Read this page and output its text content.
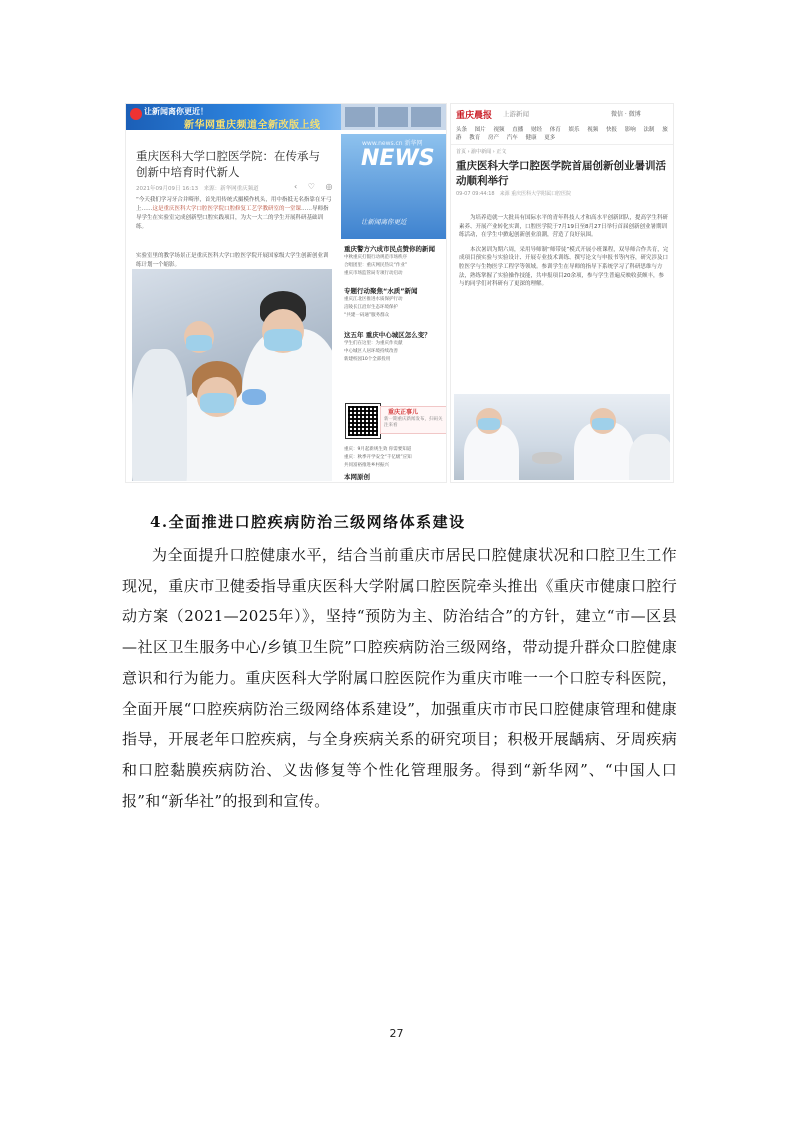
让新闻离你更近！
新华网重庆频道全新改版上线
重庆医科大学口腔医学院：在传承与创新中培育时代新人
2021年09月09日 16:13　来源：新华网重庆频道	‹ ♡ ◎
“今天我们学习牙合并畸形，首先用传统式摄模作机头，用中指抵无名指靠在牙弓上……这是重庆医科大学口腔医学院口腔修复工艺学教研室的一堂课……导师指导学生在实验室完成创新型口腔实践项目，为大一大二的学生开展科研基础训练。
实验室里的教学场景正是重庆医科大学口腔医学院开展国家级大学生创新创业训练计划一个缩影。
www.news.cn 新华网
NEWS
让新闻离你更近
重庆警方六成市民点赞你的新闻
中秋重庆打假行动规范市场秩序
合唱团里：重庆网民热议“作业”
重庆市场监管局专项行动启动
专题行动聚焦“水质”新闻
重庆江北区推进水质保护行动
涪陵长江沿岸生态环境保护
“共建一码通”服务群众
这五年 重庆中心城区怎么变？
学生们在这里：为重庆作贡献
中心城区人居环境持续改善
新建校园10个全部投用
重庆正事儿
新一期重庆新闻发布，扫码关注来看
重庆：9月起新规生效 你需要知道
重庆：秋季开学安全“千亿级”应知
共同富裕推进乡村振兴
本网原创
重庆晨报 上游新闻	微信 · 微博
头条 图片 视频 直播 财经 体育 娱乐 视频 快报 影响 法制 旅游 教育 房产 汽车 健康 更多
首页 › 渝中新闻 › 正文
重庆医科大学口腔医学院首届创新创业暑训活动顺利举行
09-07 09:44:18　来源 重庆医科大学附属口腔医院
为培养造就一大批具有国际水平的青年科技人才和高水平创新团队，提高学生科研素养、开展产业转化实训，口腔医学院于7月19日至8月27日举行首届创新创业暑期训练活动，在学生中掀起创新创业浪潮，营造了良好氛围。
本次暑训为期六周，采用导师制“师带徒”模式开展小班课程，双导师合作共育，完成项目预实验与实验设计、开展专业技术训练、撰写论文与申报书等内容，研究涉及口腔医学与生物医学工程学等领域。参训学生在导师的指导下系统学习了科研思维与方法，熟练掌握了实验操作技能，共申报项目20余项，参与学生普遍反映收获颇丰，参与的同学们对科研有了更深的理解。
4.全面推进口腔疾病防治三级网络体系建设
为全面提升口腔健康水平，结合当前重庆市居民口腔健康状况和口腔卫生工作现况，重庆市卫健委指导重庆医科大学附属口腔医院牵头推出《重庆市健康口腔行动方案（2021—2025年）》，坚持“预防为主、防治结合”的方针，建立“市—区县—社区卫生服务中心/乡镇卫生院”口腔疾病防治三级网络，带动提升群众口腔健康意识和行为能力。重庆医科大学附属口腔医院作为重庆市唯一一个口腔专科医院，全面开展“口腔疾病防治三级网络体系建设”，加强重庆市市民口腔健康管理和健康指导，开展老年口腔疾病，与全身疾病关系的研究项目；积极开展龋病、牙周疾病和口腔黏膜疾病防治、义齿修复等个性化管理服务。得到“新华网”、“中国人口报”和“新华社”的报到和宣传。
27
